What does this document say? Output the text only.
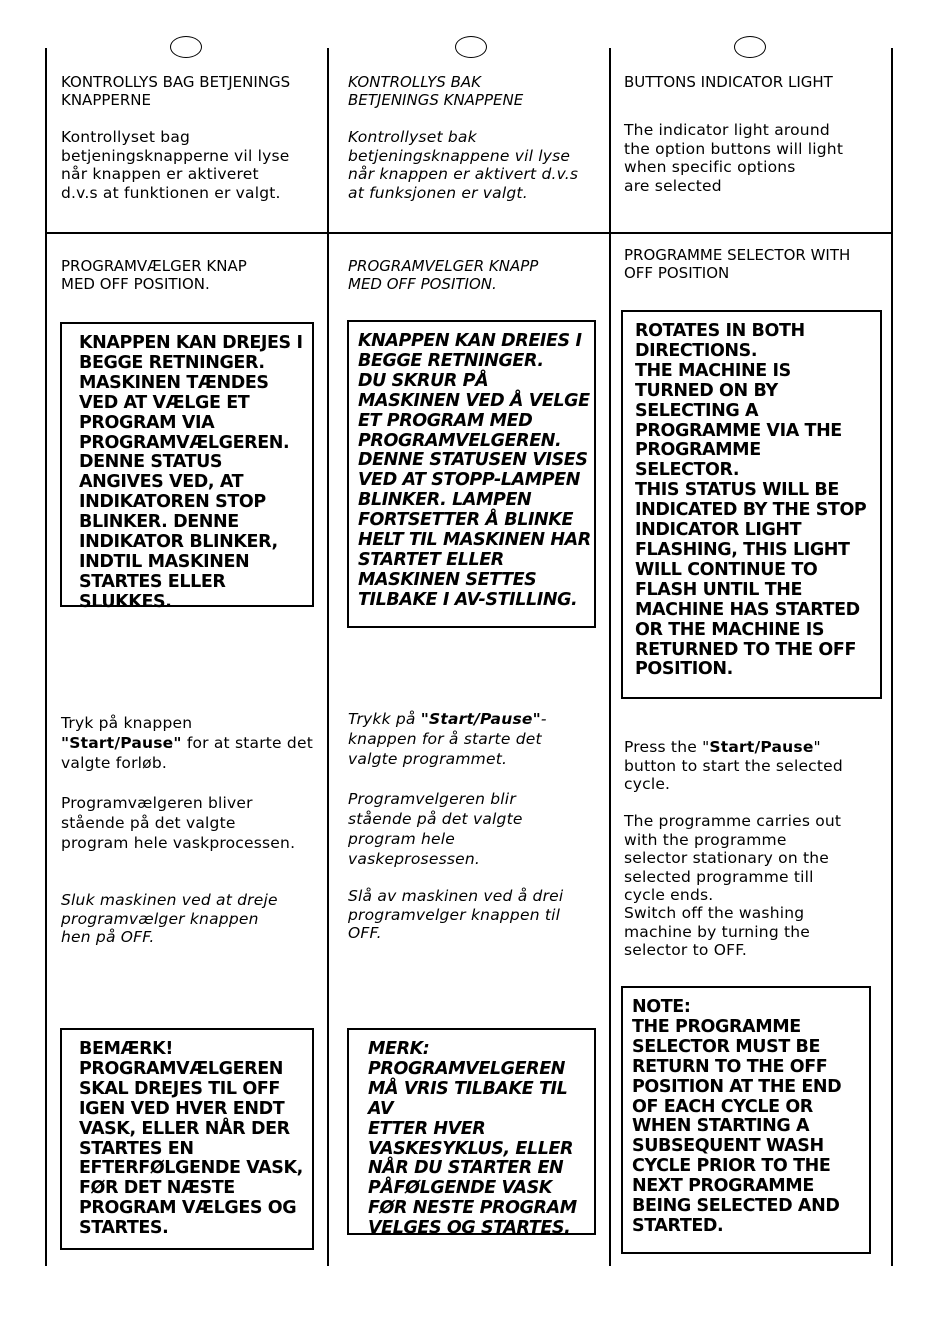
KONTROLLYS BAG BETJENINGS
KNAPPERNE

Kontrollyset bag
betjeningsknapperne vil lyse
når knappen er aktiveret
d.v.s at funktionen er valgt.

PROGRAMVÆLGER KNAP
MED OFF POSITION.

KNAPPEN KAN DREJES I
BEGGE RETNINGER.
MASKINEN TÆNDES
VED AT VÆLGE ET
PROGRAM VIA
PROGRAMVÆLGEREN.
DENNE STATUS
ANGIVES VED, AT
INDIKATOREN STOP
BLINKER. DENNE
INDIKATOR BLINKER,
INDTIL MASKINEN
STARTES ELLER SLUKKES.

Tryk på knappen
"Start/Pause" for at starte det
valgte forløb.

Programvælgeren bliver
stående på det valgte
program hele vaskprocessen.

Sluk maskinen ved at dreje
programvælger knappen
hen på OFF.

BEMÆRK!
PROGRAMVÆLGEREN
SKAL DREJES TIL OFF
IGEN VED HVER ENDT
VASK, ELLER NÅR DER
STARTES EN
EFTERFØLGENDE VASK,
FØR DET NÆSTE
PROGRAM VÆLGES OG
STARTES.

KONTROLLYS BAK
BETJENINGS KNAPPENE

Kontrollyset bak
betjeningsknappene vil lyse
når knappen er aktivert d.v.s
at funksjonen er valgt.

PROGRAMVELGER KNAPP
MED OFF POSITION.

KNAPPEN KAN DREIES I
BEGGE RETNINGER.
DU SKRUR PÅ
MASKINEN VED Å VELGE
ET PROGRAM MED
PROGRAMVELGEREN.
DENNE STATUSEN VISES
VED AT STOPP-LAMPEN
BLINKER. LAMPEN
FORTSETTER Å BLINKE
HELT TIL MASKINEN HAR
STARTET ELLER
MASKINEN SETTES
TILBAKE I AV-STILLING.

Trykk på "Start/Pause"-
knappen for å starte det
valgte programmet.

Programvelgeren blir
stående på det valgte
program hele
vaskeprosessen.

Slå av maskinen ved å drei
programvelger knappen til
OFF.

MERK:
PROGRAMVELGEREN
MÅ VRIS TILBAKE TIL AV
ETTER HVER
VASKESYKLUS, ELLER
NÅR DU STARTER EN
PÅFØLGENDE VASK
FØR NESTE PROGRAM
VELGES OG STARTES.

BUTTONS INDICATOR LIGHT

The indicator light around
the option buttons will light
when specific options
are selected

PROGRAMME SELECTOR WITH
OFF POSITION

ROTATES IN BOTH
DIRECTIONS.
THE MACHINE IS
TURNED ON BY
SELECTING A
PROGRAMME VIA THE
PROGRAMME
SELECTOR.
THIS STATUS WILL BE
INDICATED BY THE STOP
INDICATOR LIGHT
FLASHING, THIS LIGHT
WILL CONTINUE TO
FLASH UNTIL THE
MACHINE HAS STARTED
OR THE MACHINE IS
RETURNED TO THE OFF
POSITION.

Press the "Start/Pause"
button to start the selected
cycle.

The programme carries out
with the programme
selector stationary on the
selected programme till
cycle ends.

Switch off the washing
machine by turning the
selector to OFF.

NOTE:
THE PROGRAMME
SELECTOR MUST BE
RETURN TO THE OFF
POSITION AT THE END
OF EACH CYCLE OR
WHEN STARTING A
SUBSEQUENT WASH
CYCLE PRIOR TO THE
NEXT PROGRAMME
BEING SELECTED AND
STARTED.
